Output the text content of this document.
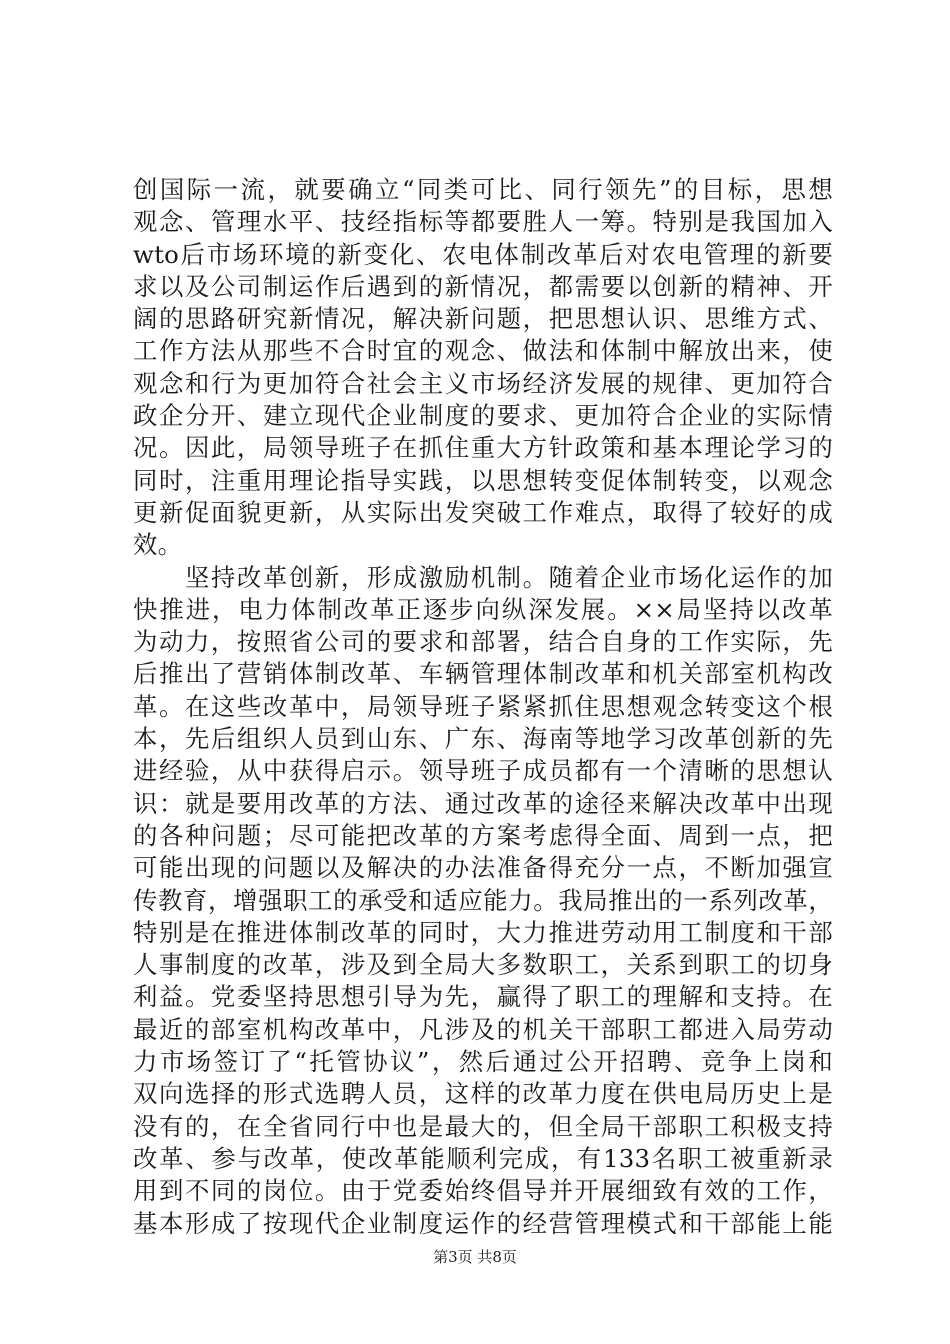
创国际一流，就要确立“同类可比、同行领先”的目标，思想
观念、管理水平、技经指标等都要胜人一筹。特别是我国加入
wto后市场环境的新变化、农电体制改革后对农电管理的新要
求以及公司制运作后遇到的新情况，都需要以创新的精神、开
阔的思路研究新情况，解决新问题，把思想认识、思维方式、
工作方法从那些不合时宜的观念、做法和体制中解放出来，使
观念和行为更加符合社会主义市场经济发展的规律、更加符合
政企分开、建立现代企业制度的要求、更加符合企业的实际情
况。因此，局领导班子在抓住重大方针政策和基本理论学习的
同时，注重用理论指导实践，以思想转变促体制转变，以观念
更新促面貌更新，从实际出发突破工作难点，取得了较好的成
效。
　　坚持改革创新，形成激励机制。随着企业市场化运作的加
快推进，电力体制改革正逐步向纵深发展。××局坚持以改革
为动力，按照省公司的要求和部署，结合自身的工作实际，先
后推出了营销体制改革、车辆管理体制改革和机关部室机构改
革。在这些改革中，局领导班子紧紧抓住思想观念转变这个根
本，先后组织人员到山东、广东、海南等地学习改革创新的先
进经验，从中获得启示。领导班子成员都有一个清晰的思想认
识：就是要用改革的方法、通过改革的途径来解决改革中出现
的各种问题；尽可能把改革的方案考虑得全面、周到一点，把
可能出现的问题以及解决的办法准备得充分一点，不断加强宣
传教育，增强职工的承受和适应能力。我局推出的一系列改革，
特别是在推进体制改革的同时，大力推进劳动用工制度和干部
人事制度的改革，涉及到全局大多数职工，关系到职工的切身
利益。党委坚持思想引导为先，赢得了职工的理解和支持。在
最近的部室机构改革中，凡涉及的机关干部职工都进入局劳动
力市场签订了“托管协议”，然后通过公开招聘、竞争上岗和
双向选择的形式选聘人员，这样的改革力度在供电局历史上是
没有的，在全省同行中也是最大的，但全局干部职工积极支持
改革、参与改革，使改革能顺利完成，有133名职工被重新录
用到不同的岗位。由于党委始终倡导并开展细致有效的工作，
基本形成了按现代企业制度运作的经营管理模式和干部能上能
第3页 共8页
